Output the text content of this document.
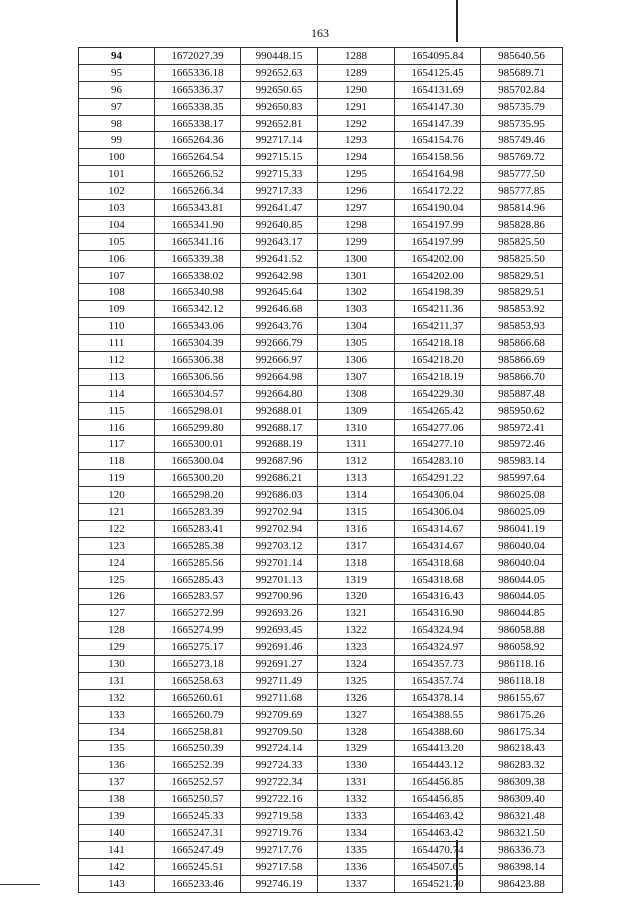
163
94	1672027.39	990448.15	1288	1654095.84	985640.56
95	1665336.18	992652.63	1289	1654125.45	985689.71
96	1665336.37	992650.65	1290	1654131.69	985702.84
97	1665338.35	992650.83	1291	1654147.30	985735.79
98	1665338.17	992652.81	1292	1654147.39	985735.95
99	1665264.36	992717.14	1293	1654154.76	985749.46
100	1665264.54	992715.15	1294	1654158.56	985769.72
101	1665266.52	992715.33	1295	1654164.98	985777.50
102	1665266.34	992717.33	1296	1654172.22	985777.85
103	1665343.81	992641.47	1297	1654190.04	985814.96
104	1665341.90	992640.85	1298	1654197.99	985828.86
105	1665341.16	992643.17	1299	1654197.99	985825.50
106	1665339.38	992641.52	1300	1654202.00	985825.50
107	1665338.02	992642.98	1301	1654202.00	985829.51
108	1665340.98	992645.64	1302	1654198.39	985829.51
109	1665342.12	992646.68	1303	1654211.36	985853.92
110	1665343.06	992643.76	1304	1654211.37	985853.93
111	1665304.39	992666.79	1305	1654218.18	985866.68
112	1665306.38	992666.97	1306	1654218.20	985866.69
113	1665306.56	992664.98	1307	1654218.19	985866.70
114	1665304.57	992664.80	1308	1654229.30	985887.48
115	1665298.01	992688.01	1309	1654265.42	985950.62
116	1665299.80	992688.17	1310	1654277.06	985972.41
117	1665300.01	992688.19	1311	1654277.10	985972.46
118	1665300.04	992687.96	1312	1654283.10	985983.14
119	1665300.20	992686.21	1313	1654291.22	985997.64
120	1665298.20	992686.03	1314	1654306.04	986025.08
121	1665283.39	992702.94	1315	1654306.04	986025.09
122	1665283.41	992702.94	1316	1654314.67	986041.19
123	1665285.38	992703.12	1317	1654314.67	986040.04
124	1665285.56	992701.14	1318	1654318.68	986040.04
125	1665285.43	992701.13	1319	1654318.68	986044.05
126	1665283.57	992700.96	1320	1654316.43	986044.05
127	1665272.99	992693.26	1321	1654316.90	986044.85
128	1665274.99	992693.45	1322	1654324.94	986058.88
129	1665275.17	992691.46	1323	1654324.97	986058.92
130	1665273.18	992691.27	1324	1654357.73	986118.16
131	1665258.63	992711.49	1325	1654357.74	986118.18
132	1665260.61	992711.68	1326	1654378.14	986155.67
133	1665260.79	992709.69	1327	1654388.55	986175.26
134	1665258.81	992709.50	1328	1654388.60	986175.34
135	1665250.39	992724.14	1329	1654413.20	986218.43
136	1665252.39	992724.33	1330	1654443.12	986283.32
137	1665252.57	992722.34	1331	1654456.85	986309.38
138	1665250.57	992722.16	1332	1654456.85	986309.40
139	1665245.33	992719.58	1333	1654463.42	986321.48
140	1665247.31	992719.76	1334	1654463.42	986321.50
141	1665247.49	992717.76	1335	1654470.74	986336.73
142	1665245.51	992717.58	1336	1654507.65	986398.14
143	1665233.46	992746.19	1337	1654521.70	986423.88
